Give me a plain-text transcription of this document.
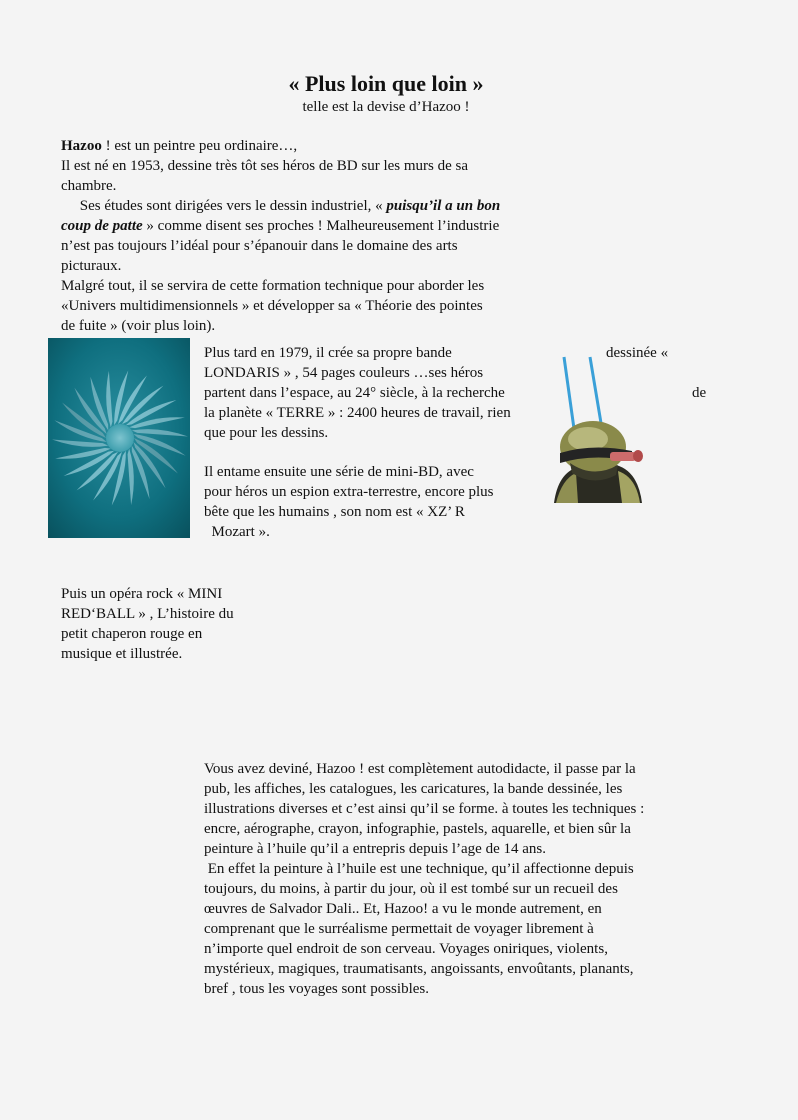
« Plus loin que loin »
telle est la devise d’Hazoo !
Hazoo ! est un peintre peu ordinaire…,
Il est né en 1953, dessine très tôt ses héros de BD sur les murs de sa
chambre.
Ses études sont dirigées vers le dessin industriel, « puisqu’il a un bon
coup de patte » comme disent ses proches ! Malheureusement l’industrie
n’est pas toujours l’idéal pour s’épanouir dans le domaine des arts
picturaux.
Malgré tout, il se servira de cette formation technique pour aborder les
«Univers multidimensionnels » et développer sa « Théorie des pointes
de fuite » (voir plus loin).
Plus tard en 1979, il crée sa propre bande	dessinée «
LONDARIS » , 54 pages couleurs …ses héros
partent dans l’espace, au 24° siècle, à la recherche	de
la planète « TERRE » : 2400 heures de travail, rien
que pour les dessins.
Il entame ensuite une série de mini-BD, avec
pour héros un espion extra-terrestre, encore plus
bête que les humains , son nom est « XZ’ R
Mozart ».
Puis un opéra rock « MINI
RED‘BALL » , L’histoire du
petit chaperon rouge en
musique et illustrée.
Vous avez deviné, Hazoo ! est complètement autodidacte, il passe par la
pub, les affiches, les catalogues, les caricatures, la bande dessinée, les
illustrations diverses et c’est ainsi qu’il se forme. à toutes les techniques :
encre, aérographe, crayon, infographie, pastels, aquarelle, et bien sûr la
peinture à l’huile qu’il a entrepris depuis l’age de 14 ans.
En effet la peinture à l’huile est une technique, qu’il affectionne depuis
toujours, du moins, à partir du jour, où il est tombé sur un recueil des
œuvres de Salvador Dali.. Et, Hazoo! a vu le monde autrement, en
comprenant que le surréalisme permettait de voyager librement à
n’importe quel endroit de son cerveau. Voyages oniriques, violents,
mystérieux, magiques, traumatisants, angoissants, envoûtants, planants,
bref , tous les voyages sont possibles.
